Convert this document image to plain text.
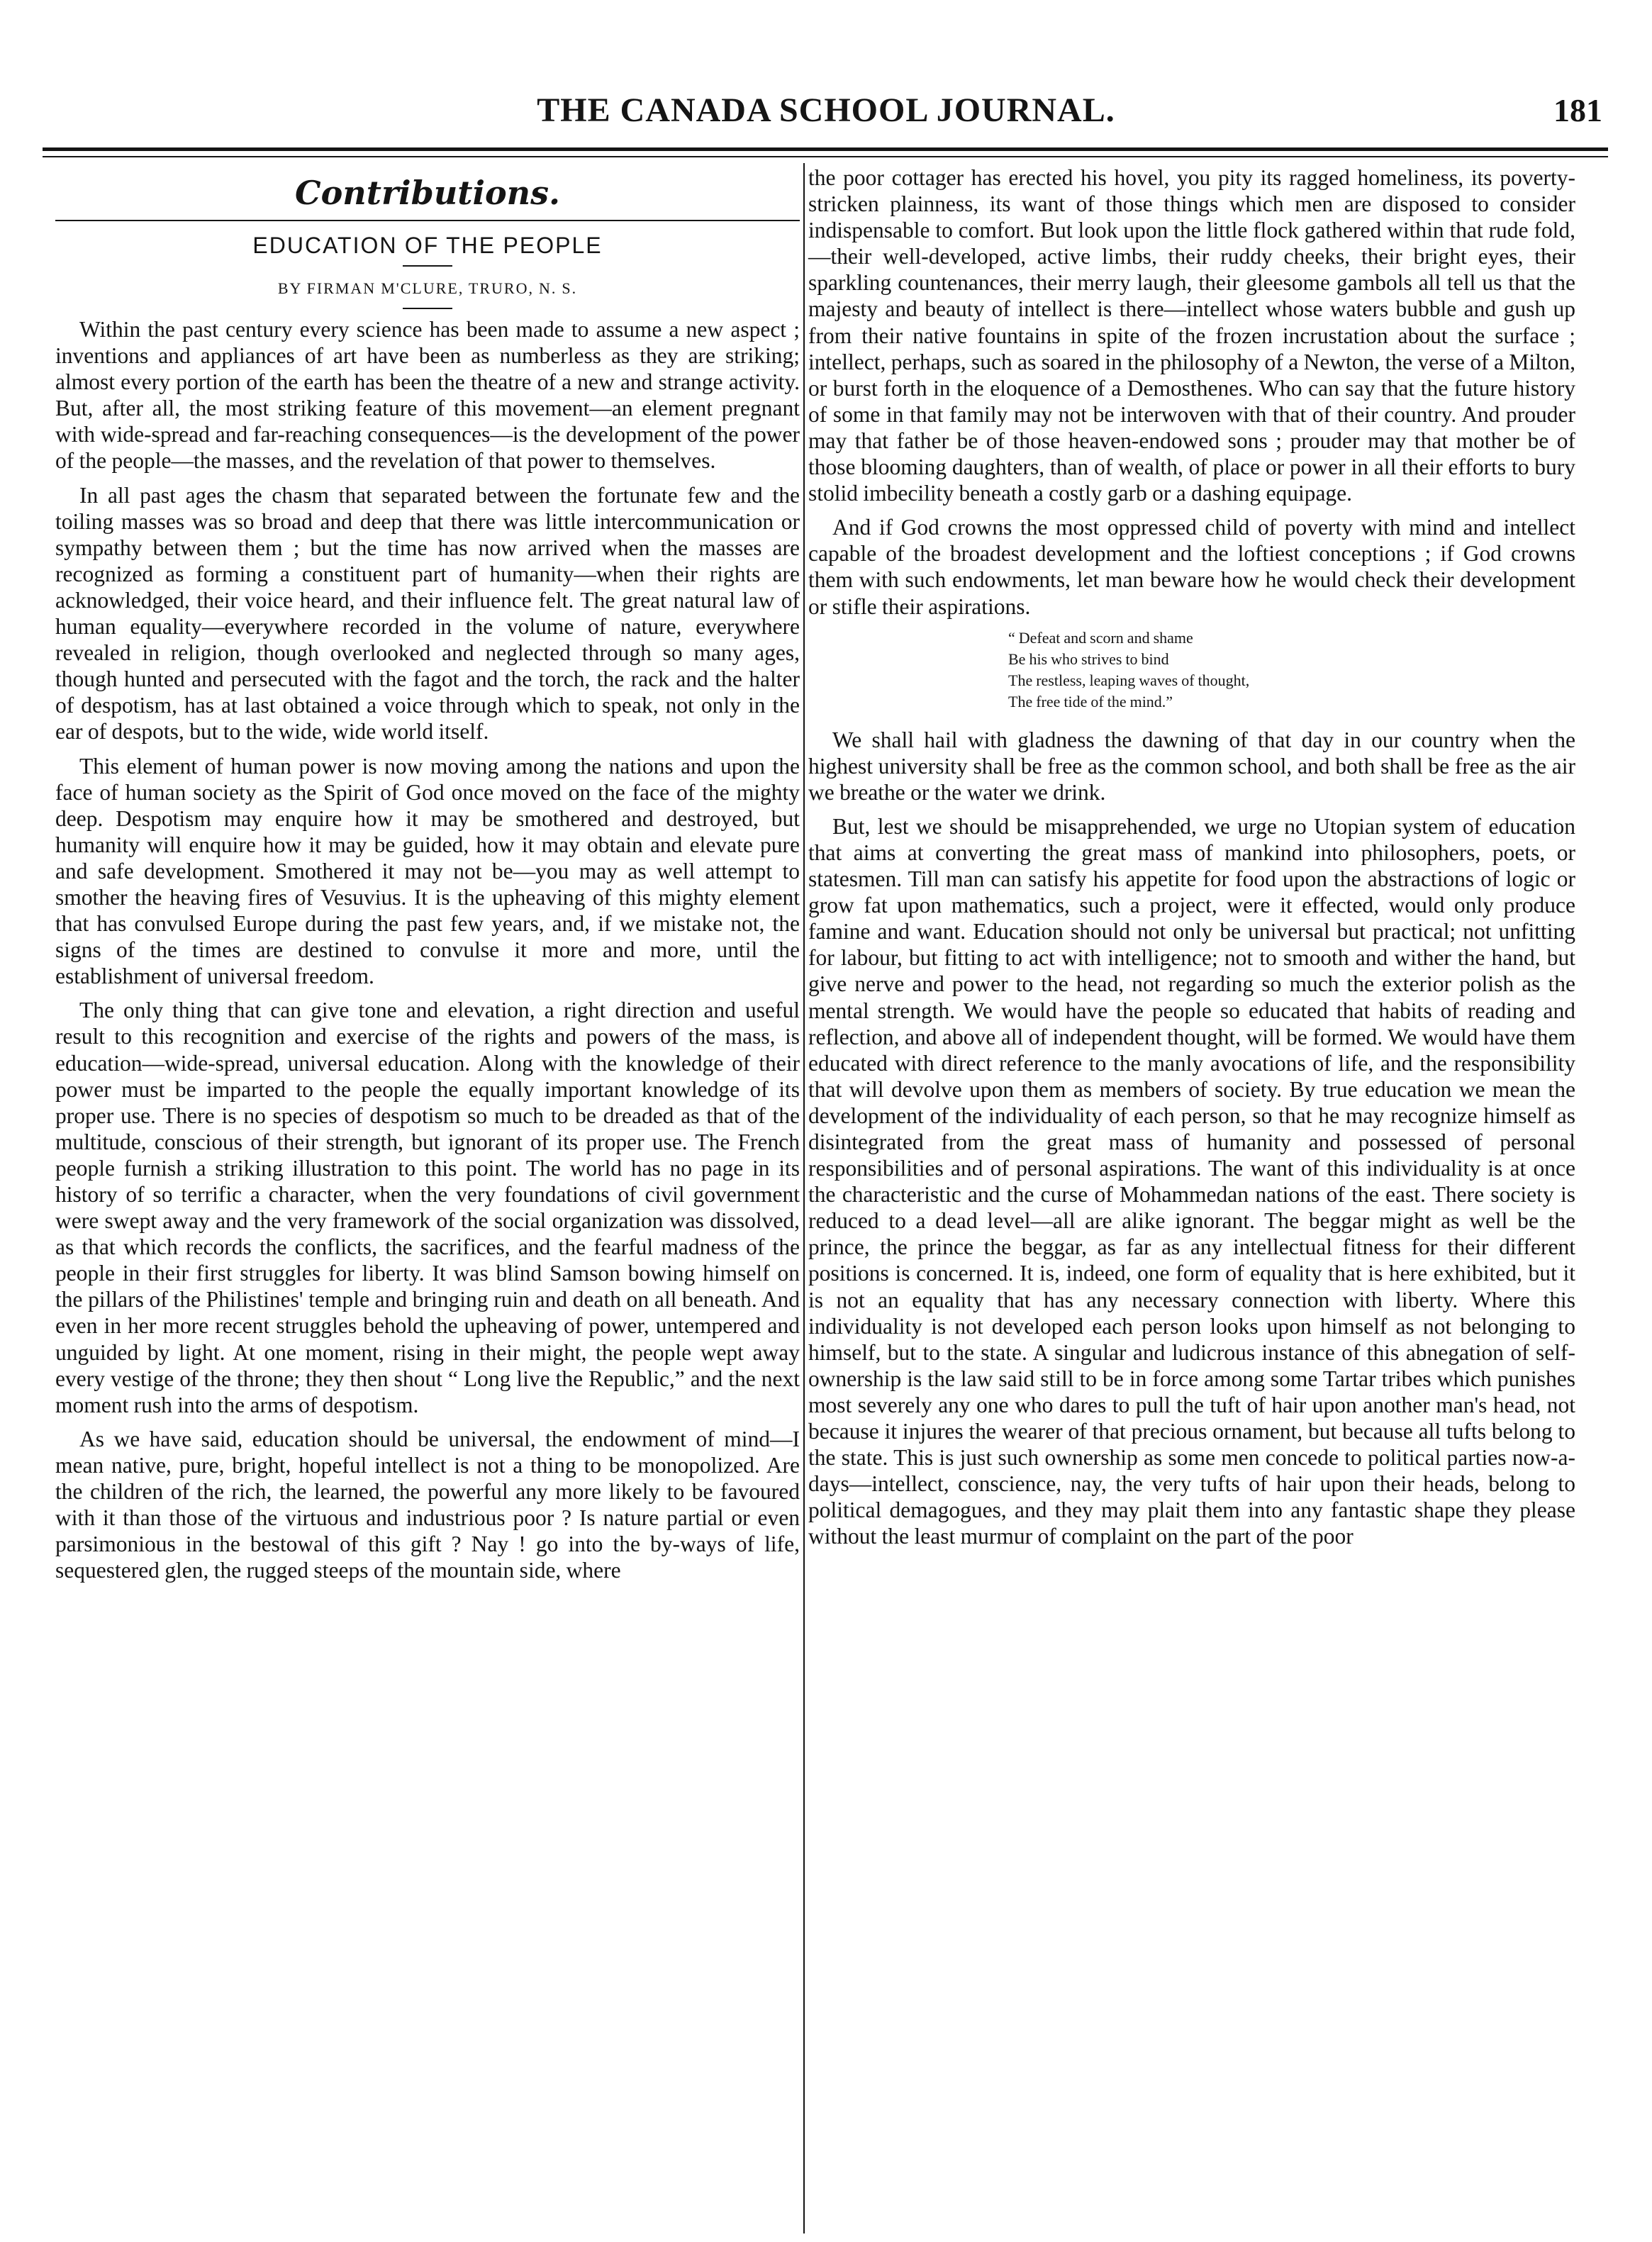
THE CANADA SCHOOL JOURNAL.	181
Contributions.
EDUCATION OF THE PEOPLE
BY FIRMAN M'CLURE, TRURO, N. S.

Within the past century every science has been made to assume a new aspect ; inventions and appliances of art have been as numberless as they are striking; almost every portion of the earth has been the theatre of a new and strange activity. But, after all, the most striking feature of this movement—an element pregnant with wide-spread and far-reaching consequences—is the development of the power of the people—the masses, and the revelation of that power to themselves.

In all past ages the chasm that separated between the fortunate few and the toiling masses was so broad and deep that there was little intercommunication or sympathy between them ; but the time has now arrived when the masses are recognized as forming a constituent part of humanity—when their rights are acknowledged, their voice heard, and their influence felt. The great natural law of human equality—everywhere recorded in the volume of nature, everywhere revealed in religion, though overlooked and neglected through so many ages, though hunted and persecuted with the fagot and the torch, the rack and the halter of despotism, has at last obtained a voice through which to speak, not only in the ear of despots, but to the wide, wide world itself.

This element of human power is now moving among the nations and upon the face of human society as the Spirit of God once moved on the face of the mighty deep. Despotism may enquire how it may be smothered and destroyed, but humanity will enquire how it may be guided, how it may obtain and elevate pure and safe development. Smothered it may not be—you may as well attempt to smother the heaving fires of Vesuvius. It is the upheaving of this mighty element that has convulsed Europe during the past few years, and, if we mistake not, the signs of the times are destined to convulse it more and more, until the establishment of universal freedom.

The only thing that can give tone and elevation, a right direction and useful result to this recognition and exercise of the rights and powers of the mass, is education—wide-spread, universal education. Along with the knowledge of their power must be imparted to the people the equally important knowledge of its proper use. There is no species of despotism so much to be dreaded as that of the multitude, conscious of their strength, but ignorant of its proper use. The French people furnish a striking illustration to this point. The world has no page in its history of so terrific a character, when the very foundations of civil government were swept away and the very framework of the social organization was dissolved, as that which records the conflicts, the sacrifices, and the fearful madness of the people in their first struggles for liberty. It was blind Samson bowing himself on the pillars of the Philistines' temple and bringing ruin and death on all beneath. And even in her more recent struggles behold the upheaving of power, untempered and unguided by light. At one moment, rising in their might, the people wept away every vestige of the throne; they then shout “ Long live the Republic,” and the next moment rush into the arms of despotism.

As we have said, education should be universal, the endowment of mind—I mean native, pure, bright, hopeful intellect is not a thing to be monopolized. Are the children of the rich, the learned, the powerful any more likely to be favoured with it than those of the virtuous and industrious poor ? Is nature partial or even parsimonious in the bestowal of this gift ? Nay ! go into the by-ways of life, sequestered glen, the rugged steeps of the mountain side, where

the poor cottager has erected his hovel, you pity its ragged homeliness, its poverty-stricken plainness, its want of those things which men are disposed to consider indispensable to comfort. But look upon the little flock gathered within that rude fold,—their well-developed, active limbs, their ruddy cheeks, their bright eyes, their sparkling countenances, their merry laugh, their gleesome gambols all tell us that the majesty and beauty of intellect is there—intellect whose waters bubble and gush up from their native fountains in spite of the frozen incrustation about the surface ; intellect, perhaps, such as soared in the philosophy of a Newton, the verse of a Milton, or burst forth in the eloquence of a Demosthenes. Who can say that the future history of some in that family may not be interwoven with that of their country. And prouder may that father be of those heaven-endowed sons ; prouder may that mother be of those blooming daughters, than of wealth, of place or power in all their efforts to bury stolid imbecility beneath a costly garb or a dashing equipage.

And if God crowns the most oppressed child of poverty with mind and intellect capable of the broadest development and the loftiest conceptions ; if God crowns them with such endowments, let man beware how he would check their development or stifle their aspirations.

“ Defeat and scorn and shame
Be his who strives to bind
The restless, leaping waves of thought,
The free tide of the mind.”

We shall hail with gladness the dawning of that day in our country when the highest university shall be free as the common school, and both shall be free as the air we breathe or the water we drink.

But, lest we should be misapprehended, we urge no Utopian system of education that aims at converting the great mass of mankind into philosophers, poets, or statesmen. Till man can satisfy his appetite for food upon the abstractions of logic or grow fat upon mathematics, such a project, were it effected, would only produce famine and want. Education should not only be universal but practical; not unfitting for labour, but fitting to act with intelligence; not to smooth and wither the hand, but give nerve and power to the head, not regarding so much the exterior polish as the mental strength. We would have the people so educated that habits of reading and reflection, and above all of independent thought, will be formed. We would have them educated with direct reference to the manly avocations of life, and the responsibility that will devolve upon them as members of society. By true education we mean the development of the individuality of each person, so that he may recognize himself as disintegrated from the great mass of humanity and possessed of personal responsibilities and of personal aspirations. The want of this individuality is at once the characteristic and the curse of Mohammedan nations of the east. There society is reduced to a dead level—all are alike ignorant. The beggar might as well be the prince, the prince the beggar, as far as any intellectual fitness for their different positions is concerned. It is, indeed, one form of equality that is here exhibited, but it is not an equality that has any necessary connection with liberty. Where this individuality is not developed each person looks upon himself as not belonging to himself, but to the state. A singular and ludicrous instance of this abnegation of self-ownership is the law said still to be in force among some Tartar tribes which punishes most severely any one who dares to pull the tuft of hair upon another man's head, not because it injures the wearer of that precious ornament, but because all tufts belong to the state. This is just such ownership as some men concede to political parties now-a-days—intellect, conscience, nay, the very tufts of hair upon their heads, belong to political demagogues, and they may plait them into any fantastic shape they please without the least murmur of complaint on the part of the poor
